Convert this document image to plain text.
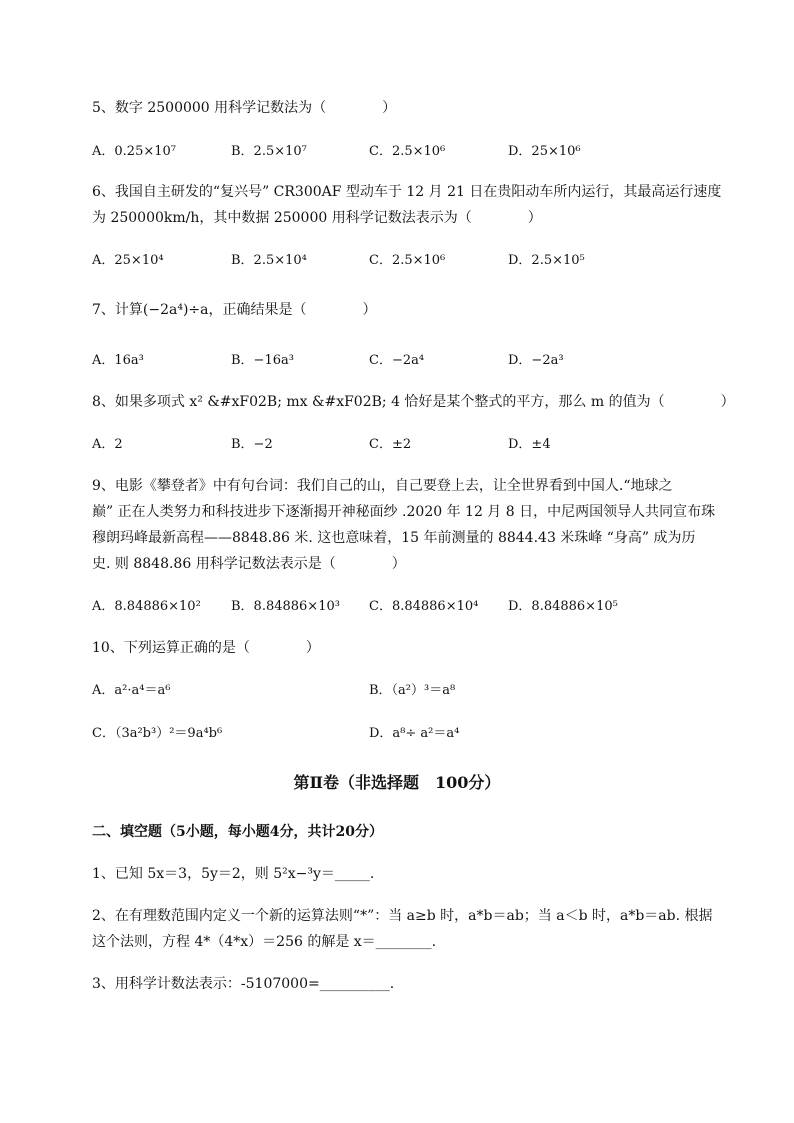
5、数字 2500000 用科学记数法为（　　　　）
A．0.25×10⁷	B．2.5×10⁷	C．2.5×10⁶	D．25×10⁶
6、我国自主研发的“复兴号” CR300AF 型动车于 12 月 21 日在贵阳动车所内运行，其最高运行速度
为 250000km/h，其中数据 250000 用科学记数法表示为（　　　　）
A．25×10⁴	B．2.5×10⁴	C．2.5×10⁶	D．2.5×10⁵
7、计算(−2a⁴)÷a，正确结果是（　　　　）
A．16a³	B．−16a³	C．−2a⁴	D．−2a³
8、如果多项式 x² &#xF02B; mx &#xF02B; 4 恰好是某个整式的平方，那么 m 的值为（　　　　）
A．2	B．−2	C．±2	D．±4
9、电影《攀登者》中有句台词：我们自己的山，自己要登上去，让全世界看到中国人.“地球之
巅” 正在人类努力和科技进步下逐渐揭开神秘面纱 .2020 年 12 月 8 日，中尼两国领导人共同宣布珠
穆朗玛峰最新高程——8848.86 米. 这也意味着，15 年前测量的 8844.43 米珠峰 “身高” 成为历
史. 则 8848.86 用科学记数法表示是（　　　　）
A．8.84886×10² B．8.84886×10³ C．8.84886×10⁴ D．8.84886×10⁵
10、下列运算正确的是（　　　　）
A．a²·a⁴＝a⁶	B．（a²）³＝a⁸
C．（3a²b³）²＝9a⁴b⁶	D．a⁸÷ a²＝a⁴
第Ⅱ卷（非选择题　100分）
二、填空题（5小题，每小题4分，共计20分）
1、已知 5x＝3，5y＝2，则 5²x−³y＝_____.
2、在有理数范围内定义一个新的运算法则“*”：当 a≥b 时，a*b＝ab；当 a＜b 时，a*b＝ab. 根据
这个法则，方程 4*（4*x）＝256 的解是 x＝________.
3、用科学计数法表示：-5107000=__________.
